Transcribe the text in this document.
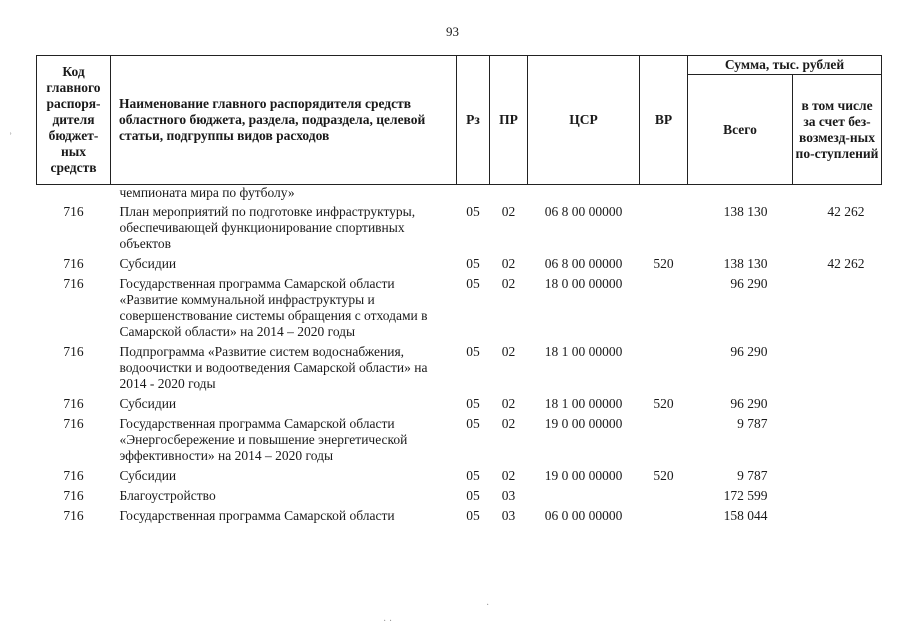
93
˒
·
· ·
Код главного распоря-дителя бюджет-ных средств	Наименование главного распорядителя средств областного бюджета, раздела, подраздела, целевой статьи, подгруппы видов расходов	Рз	ПР	ЦСР	ВР	Сумма, тыс. рублей	
						Всего	в том числе за счет без-возмезд-ных по-ступлений
	чемпионата мира по футболу»						
716	План мероприятий по подготовке инфраструктуры, обеспечивающей функционирование спортивных объектов	05	02	06 8 00 00000		138 130	42 262
716	Субсидии	05	02	06 8 00 00000	520	138 130	42 262
716	Государственная программа Самарской области «Развитие коммунальной инфраструктуры и совершенствование системы обращения с отходами в Самарской области» на 2014 – 2020 годы	05	02	18 0 00 00000		96 290	
716	Подпрограмма «Развитие систем водоснабжения, водоочистки и водоотведения Самарской области» на 2014 - 2020 годы	05	02	18 1 00 00000		96 290	
716	Субсидии	05	02	18 1 00 00000	520	96 290	
716	Государственная программа Самарской области «Энергосбережение и повышение энергетической эффективности» на 2014 – 2020 годы	05	02	19 0 00 00000		9 787	
716	Субсидии	05	02	19 0 00 00000	520	9 787	
716	Благоустройство	05	03			172 599	
716	Государственная программа Самарской области	05	03	06 0 00 00000		158 044	
